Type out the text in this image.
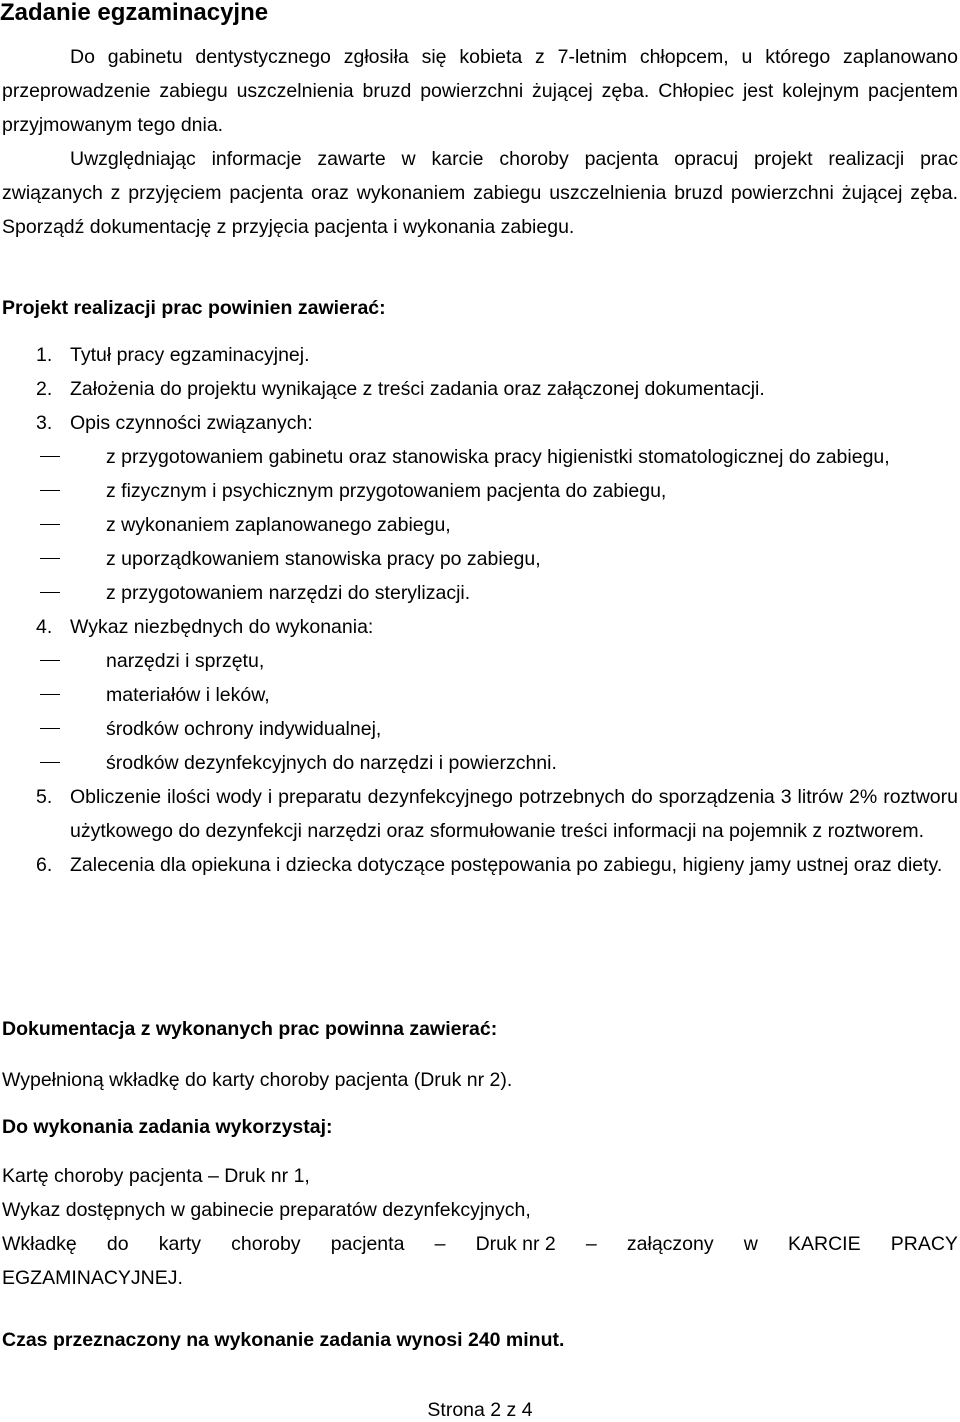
Zadanie egzaminacyjne

Do gabinetu dentystycznego zgłosiła się kobieta z 7-letnim chłopcem, u którego zaplanowano przeprowadzenie zabiegu uszczelnienia bruzd powierzchni żującej zęba. Chłopiec jest kolejnym pacjentem przyjmowanym tego dnia.

Uwzględniając informacje zawarte w karcie choroby pacjenta opracuj projekt realizacji prac związanych z przyjęciem pacjenta oraz wykonaniem zabiegu uszczelnienia bruzd powierzchni żującej zęba. Sporządź dokumentację z przyjęcia pacjenta i wykonania zabiegu.

Projekt realizacji prac powinien zawierać:

1. Tytuł pracy egzaminacyjnej.
2. Założenia do projektu wynikające z treści zadania oraz załączonej dokumentacji.
3. Opis czynności związanych:
z przygotowaniem gabinetu oraz stanowiska pracy higienistki stomatologicznej do zabiegu,
z fizycznym i psychicznym przygotowaniem pacjenta do zabiegu,
z wykonaniem zaplanowanego zabiegu,
z uporządkowaniem stanowiska pracy po zabiegu,
z przygotowaniem narzędzi do sterylizacji.
4. Wykaz niezbędnych do wykonania:
narzędzi i sprzętu,
materiałów i leków,
środków ochrony indywidualnej,
środków dezynfekcyjnych do narzędzi i powierzchni.
5. Obliczenie ilości wody i preparatu dezynfekcyjnego potrzebnych do sporządzenia 3 litrów 2% roztworu użytkowego do dezynfekcji narzędzi oraz sformułowanie treści informacji na pojemnik z roztworem.
6. Zalecenia dla opiekuna i dziecka dotyczące postępowania po zabiegu, higieny jamy ustnej oraz diety.

Dokumentacja z wykonanych prac powinna zawierać:

Wypełnioną wkładkę do karty choroby pacjenta (Druk nr 2).

Do wykonania zadania wykorzystaj:

Kartę choroby pacjenta – Druk nr 1,

Wykaz dostępnych w gabinecie preparatów dezynfekcyjnych,

Wkładkę do karty choroby pacjenta – Druk nr 2 – załączony w KARCIE PRACY

EGZAMINACYJNEJ.

Czas przeznaczony na wykonanie zadania wynosi 240 minut.

Strona 2 z 4
